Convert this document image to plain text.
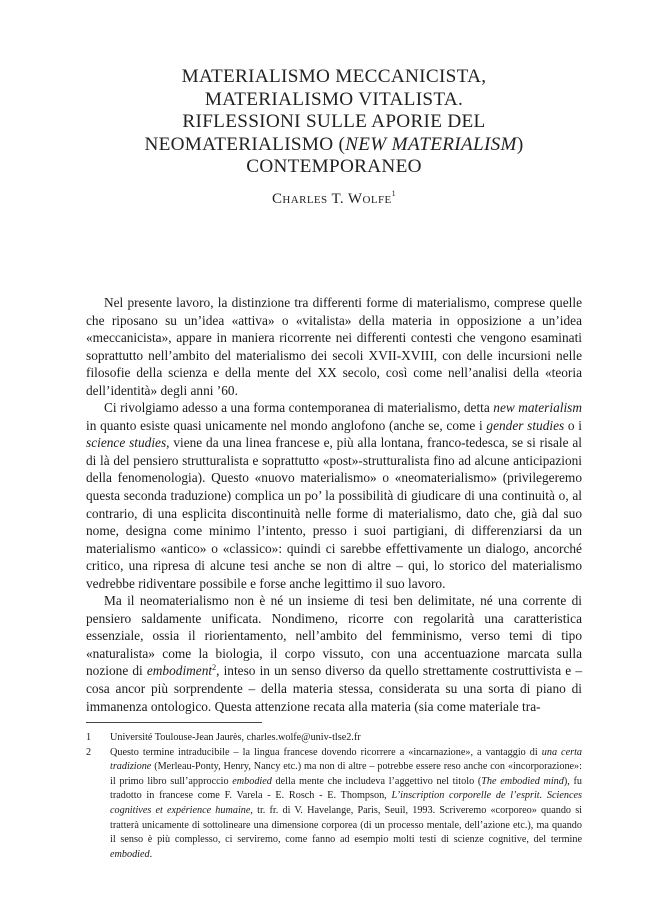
MATERIALISMO MECCANICISTA,
MATERIALISMO VITALISTA.
RIFLESSIONI SULLE APORIE DEL
NEOMATERIALISMO (NEW MATERIALISM)
CONTEMPORANEO
Charles T. Wolfe$^1$

Nel presente lavoro, la distinzione tra differenti forme di materialismo, comprese quelle che riposano su un’idea «attiva» o «vitalista» della materia in opposizione a un’idea «meccanicista», appare in maniera ricorrente nei differenti contesti che vengono esaminati soprattutto nell’ambito del materialismo dei secoli XVII-XVIII, con delle incursioni nelle filosofie della scienza e della mente del XX secolo, così come nell’analisi della «teoria dell’identità» degli anni ’60.

Ci rivolgiamo adesso a una forma contemporanea di materialismo, detta new materialism in quanto esiste quasi unicamente nel mondo anglofono (anche se, come i gender studies o i science studies, viene da una linea francese e, più alla lontana, franco-tedesca, se si risale al di là del pensiero strutturalista e soprattutto «post»-strutturalista fino ad alcune anticipazioni della fenomenologia). Questo «nuovo materialismo» o «neomaterialismo» (privilegeremo questa seconda traduzione) complica un po’ la possibilità di giudicare di una continuità o, al contrario, di una esplicita discontinuità nelle forme di materialismo, dato che, già dal suo nome, designa come minimo l’intento, presso i suoi partigiani, di differenziarsi da un materialismo «antico» o «classico»: quindi ci sarebbe effettivamente un dialogo, ancorché critico, una ripresa di alcune tesi anche se non di altre – qui, lo storico del materialismo vedrebbe ridiventare possibile e forse anche legittimo il suo lavoro.

Ma il neomaterialismo non è né un insieme di tesi ben delimitate, né una corrente di pensiero saldamente unificata. Nondimeno, ricorre con regolarità una caratteristica essenziale, ossia il riorientamento, nell’ambito del femminismo, verso temi di tipo «naturalista» come la biologia, il corpo vissuto, con una accentuazione marcata sulla nozione di embodiment$^2$, inteso in un senso diverso da quello strettamente costruttivista e – cosa ancor più sorprendente – della materia stessa, considerata su una sorta di piano di immanenza ontologico. Questa attenzione recata alla materia (sia come materiale tra-

1	Université Toulouse-Jean Jaurès, charles.wolfe@univ-tlse2.fr
2	Questo termine intraducibile – la lingua francese dovendo ricorrere a «incarnazione», a vantaggio di una certa tradizione (Merleau-Ponty, Henry, Nancy etc.) ma non di altre – potrebbe essere reso anche con «incorporazione»: il primo libro sull’approccio embodied della mente che includeva l’aggettivo nel titolo (The embodied mind), fu tradotto in francese come F. Varela - E. Rosch - E. Thompson, L’inscription corporelle de l’esprit. Sciences cognitives et expérience humaine, tr. fr. di V. Havelange, Paris, Seuil, 1993. Scriveremo «corporeo» quando si tratterà unicamente di sottolineare una dimensione corporea (di un processo mentale, dell’azione etc.), ma quando il senso è più complesso, ci serviremo, come fanno ad esempio molti testi di scienze cognitive, del termine embodied.
